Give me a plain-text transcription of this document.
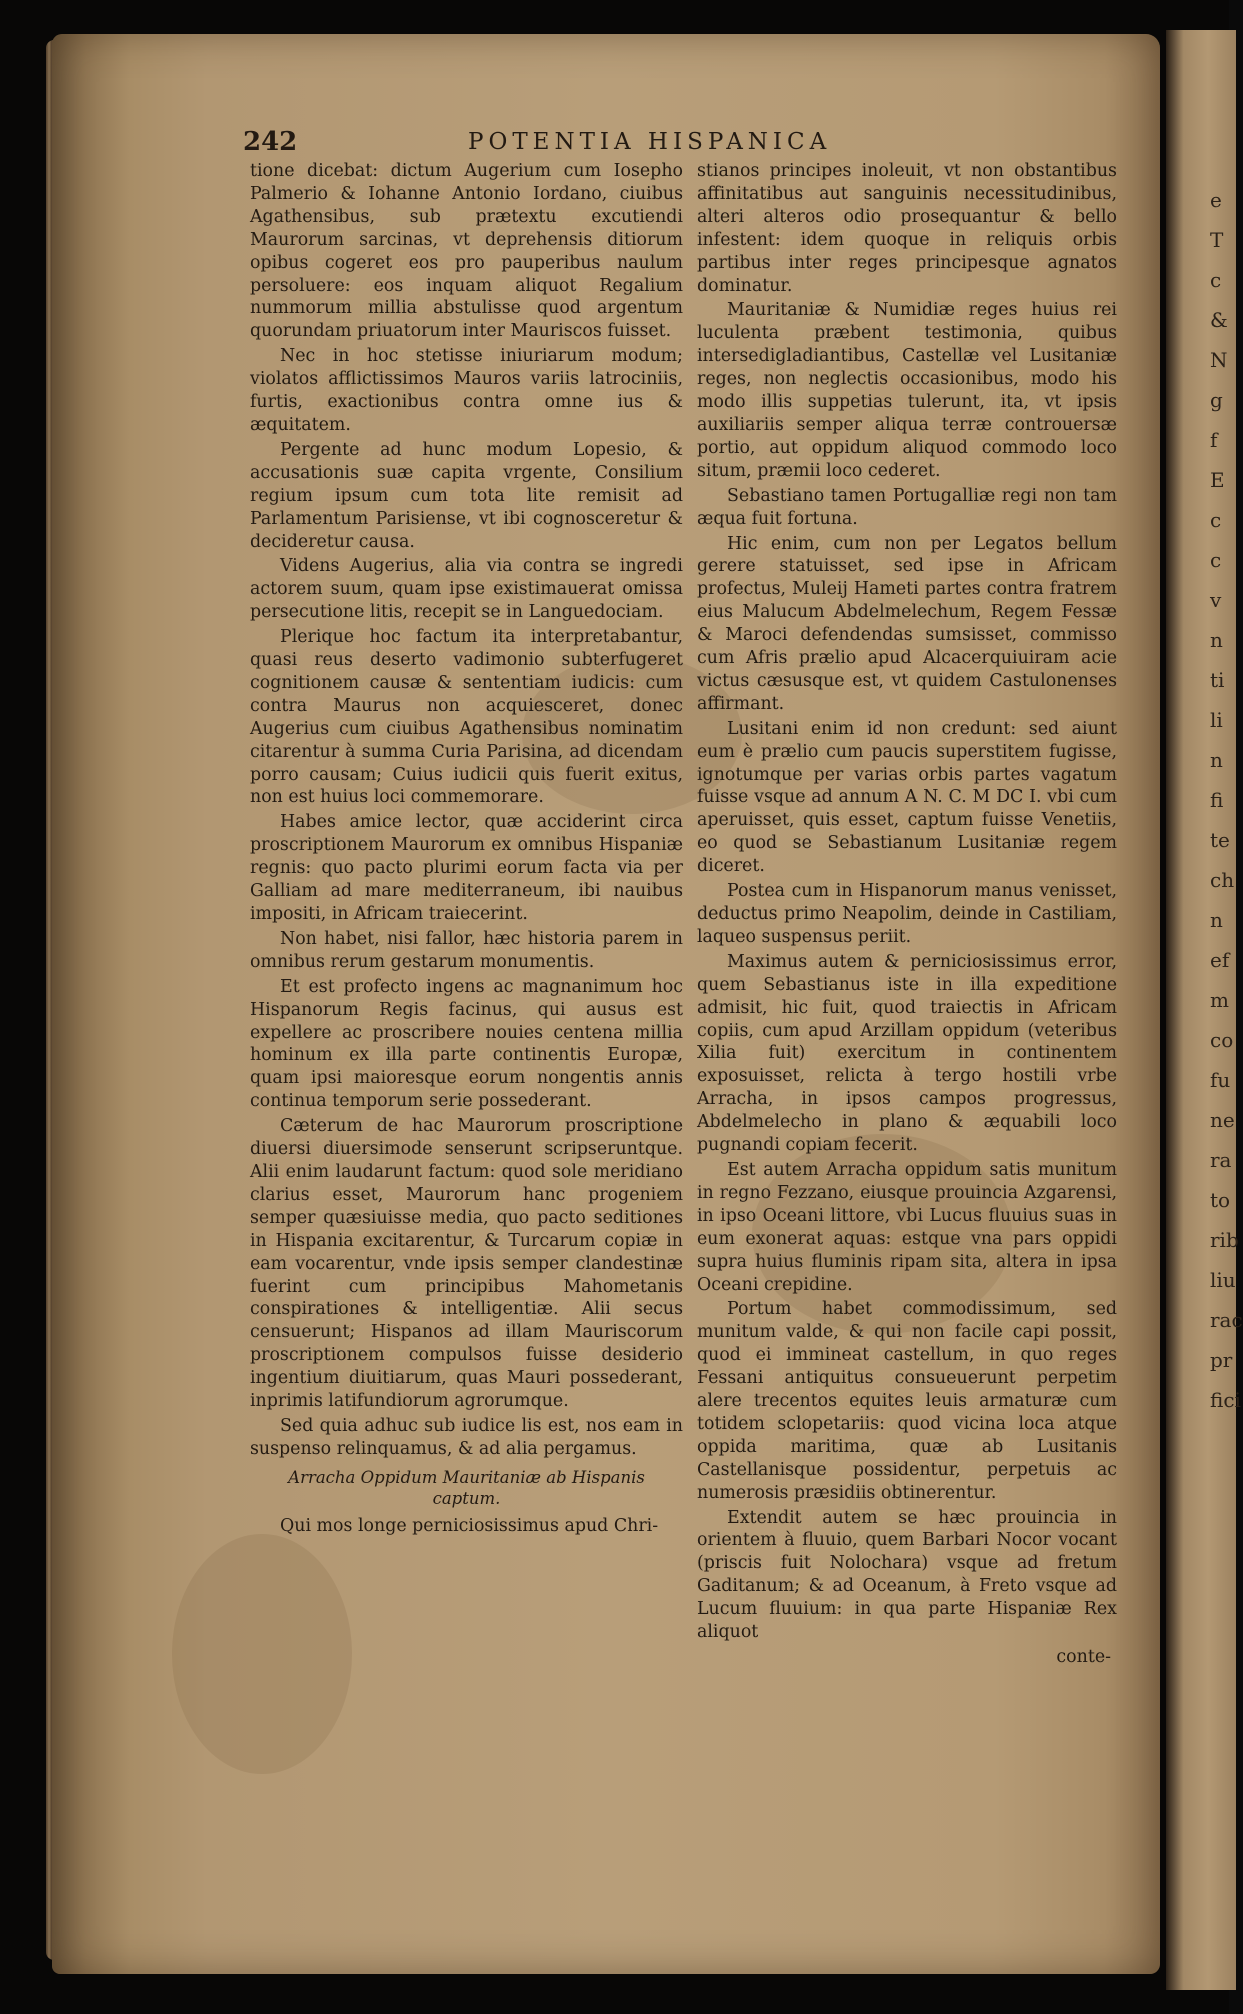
e
T
c
&
N
g
f
E
c
c
v
n
ti
li
n
fi
te
ch
n
ef
m
co
fu
ne
ra
to
rib
liu
rac
pr
fici
242	POTENTIA HISPANICA

tione dicebat: dictum Augerium cum Iosepho Palmerio & Iohanne Antonio Iordano, ciuibus Agathensibus, sub prætextu excutiendi Maurorum sarcinas, vt deprehensis ditiorum opibus cogeret eos pro pauperibus naulum persoluere: eos inquam aliquot Regalium nummorum millia abstulisse quod argentum quorundam priuatorum inter Mauriscos fuisset.

Nec in hoc stetisse iniuriarum modum; violatos afflictissimos Mauros variis latrociniis, furtis, exactionibus contra omne ius & æquitatem.

Pergente ad hunc modum Lopesio, & accusationis suæ capita vrgente, Consilium regium ipsum cum tota lite remisit ad Parlamentum Parisiense, vt ibi cognosceretur & decideretur causa.

Videns Augerius, alia via contra se ingredi actorem suum, quam ipse existimauerat omissa persecutione litis, recepit se in Languedociam.

Plerique hoc factum ita interpretabantur, quasi reus deserto vadimonio subterfugeret cognitionem causæ & sententiam iudicis: cum contra Maurus non acquiesceret, donec Augerius cum ciuibus Agathensibus nominatim citarentur à summa Curia Parisina, ad dicendam porro causam; Cuius iudicii quis fuerit exitus, non est huius loci commemorare.

Habes amice lector, quæ acciderint circa proscriptionem Maurorum ex omnibus Hispaniæ regnis: quo pacto plurimi eorum facta via per Galliam ad mare mediterraneum, ibi nauibus impositi, in Africam traiecerint.

Non habet, nisi fallor, hæc historia parem in omnibus rerum gestarum monumentis.

Et est profecto ingens ac magnanimum hoc Hispanorum Regis facinus, qui ausus est expellere ac proscribere nouies centena millia hominum ex illa parte continentis Europæ, quam ipsi maioresque eorum nongentis annis continua temporum serie possederant.

Cæterum de hac Maurorum proscriptione diuersi diuersimode senserunt scripseruntque. Alii enim laudarunt factum: quod sole meridiano clarius esset, Maurorum hanc progeniem semper quæsiuisse media, quo pacto seditiones in Hispania excitarentur, & Turcarum copiæ in eam vocarentur, vnde ipsis semper clandestinæ fuerint cum principibus Mahometanis conspirationes & intelligentiæ. Alii secus censuerunt; Hispanos ad illam Mauriscorum proscriptionem compulsos fuisse desiderio ingentium diuitiarum, quas Mauri possederant, inprimis latifundiorum agrorumque.

Sed quia adhuc sub iudice lis est, nos eam in suspenso relinquamus, & ad alia pergamus.

Arracha Oppidum Mauritaniæ ab Hispanis captum.

Qui mos longe perniciosissimus apud Chri-

stianos principes inoleuit, vt non obstantibus affinitatibus aut sanguinis necessitudinibus, alteri alteros odio prosequantur & bello infestent: idem quoque in reliquis orbis partibus inter reges principesque agnatos dominatur.

Mauritaniæ & Numidiæ reges huius rei luculenta præbent testimonia, quibus intersedigladiantibus, Castellæ vel Lusitaniæ reges, non neglectis occasionibus, modo his modo illis suppetias tulerunt, ita, vt ipsis auxiliariis semper aliqua terræ controuersæ portio, aut oppidum aliquod commodo loco situm, præmii loco cederet.

Sebastiano tamen Portugalliæ regi non tam æqua fuit fortuna.

Hic enim, cum non per Legatos bellum gerere statuisset, sed ipse in Africam profectus, Muleij Hameti partes contra fratrem eius Malucum Abdelmelechum, Regem Fessæ & Maroci defendendas sumsisset, commisso cum Afris prælio apud Alcacerquiuiram acie victus cæsusque est, vt quidem Castulonenses affirmant.

Lusitani enim id non credunt: sed aiunt eum è prælio cum paucis superstitem fugisse, ignotumque per varias orbis partes vagatum fuisse vsque ad annum A N. C. M DC I. vbi cum aperuisset, quis esset, captum fuisse Venetiis, eo quod se Sebastianum Lusitaniæ regem diceret.

Postea cum in Hispanorum manus venisset, deductus primo Neapolim, deinde in Castiliam, laqueo suspensus periit.

Maximus autem & perniciosissimus error, quem Sebastianus iste in illa expeditione admisit, hic fuit, quod traiectis in Africam copiis, cum apud Arzillam oppidum (veteribus Xilia fuit) exercitum in continentem exposuisset, relicta à tergo hostili vrbe Arracha, in ipsos campos progressus, Abdelmelecho in plano & æquabili loco pugnandi copiam fecerit.

Est autem Arracha oppidum satis munitum in regno Fezzano, eiusque prouincia Azgarensi, in ipso Oceani littore, vbi Lucus fluuius suas in eum exonerat aquas: estque vna pars oppidi supra huius fluminis ripam sita, altera in ipsa Oceani crepidine.

Portum habet commodissimum, sed munitum valde, & qui non facile capi possit, quod ei immineat castellum, in quo reges Fessani antiquitus consueuerunt perpetim alere trecentos equites leuis armaturæ cum totidem sclopetariis: quod vicina loca atque oppida maritima, quæ ab Lusitanis Castellanisque possidentur, perpetuis ac numerosis præsidiis obtinerentur.

Extendit autem se hæc prouincia in orientem à fluuio, quem Barbari Nocor vocant (priscis fuit Nolochara) vsque ad fretum Gaditanum; & ad Oceanum, à Freto vsque ad Lucum fluuium: in qua parte Hispaniæ Rex aliquot

conte-
